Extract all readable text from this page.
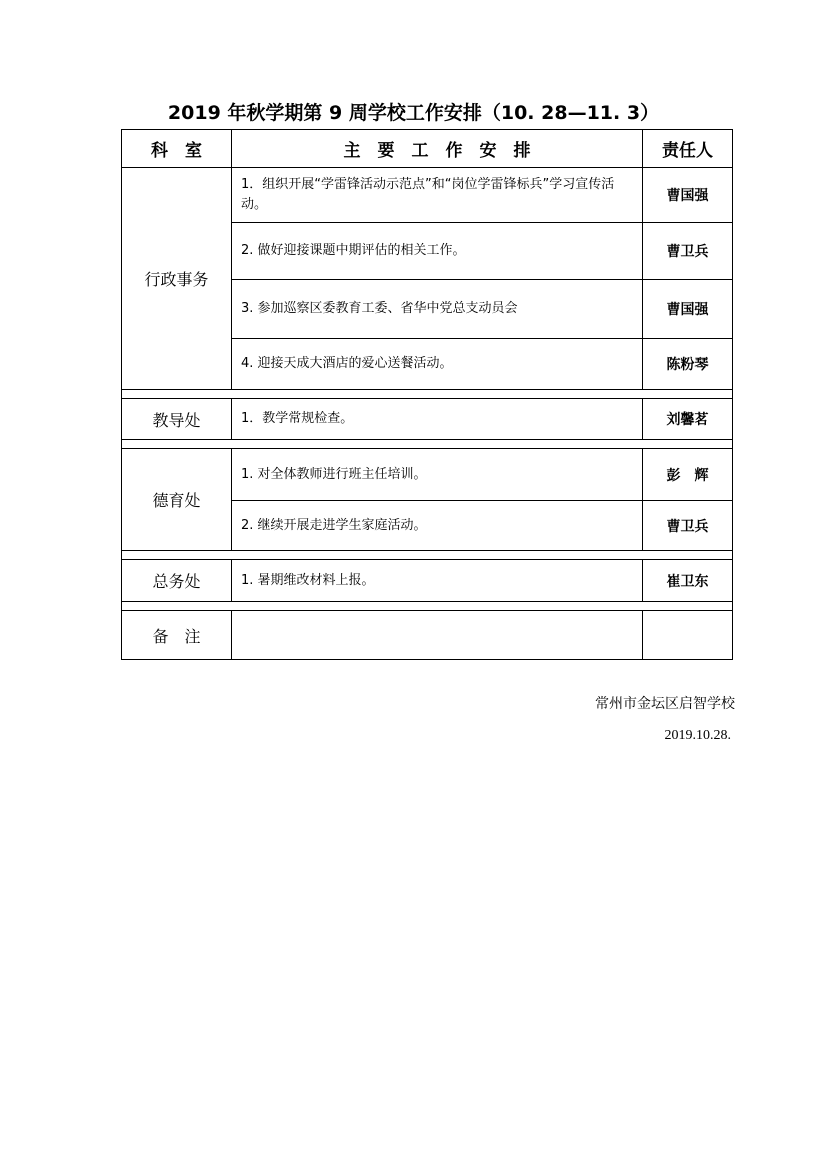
2019 年秋学期第 9 周学校工作安排（10. 28—11. 3）
科　室	主　要　工　作　安　排	责任人
行政事务	1．组织开展“学雷锋活动示范点”和“岗位学雷锋标兵”学习宣传活动。	曹国强
	2. 做好迎接课题中期评估的相关工作。	曹卫兵
	3. 参加巡察区委教育工委、省华中党总支动员会	曹国强
	4. 迎接天成大酒店的爱心送餐活动。	陈粉琴

教导处	1．教学常规检查。	刘馨茗

德育处	1. 对全体教师进行班主任培训。	彭　辉
	2. 继续开展走进学生家庭活动。	曹卫兵

总务处	1. 暑期维改材料上报。	崔卫东

备　注		
常州市金坛区启智学校
2019.10.28.
